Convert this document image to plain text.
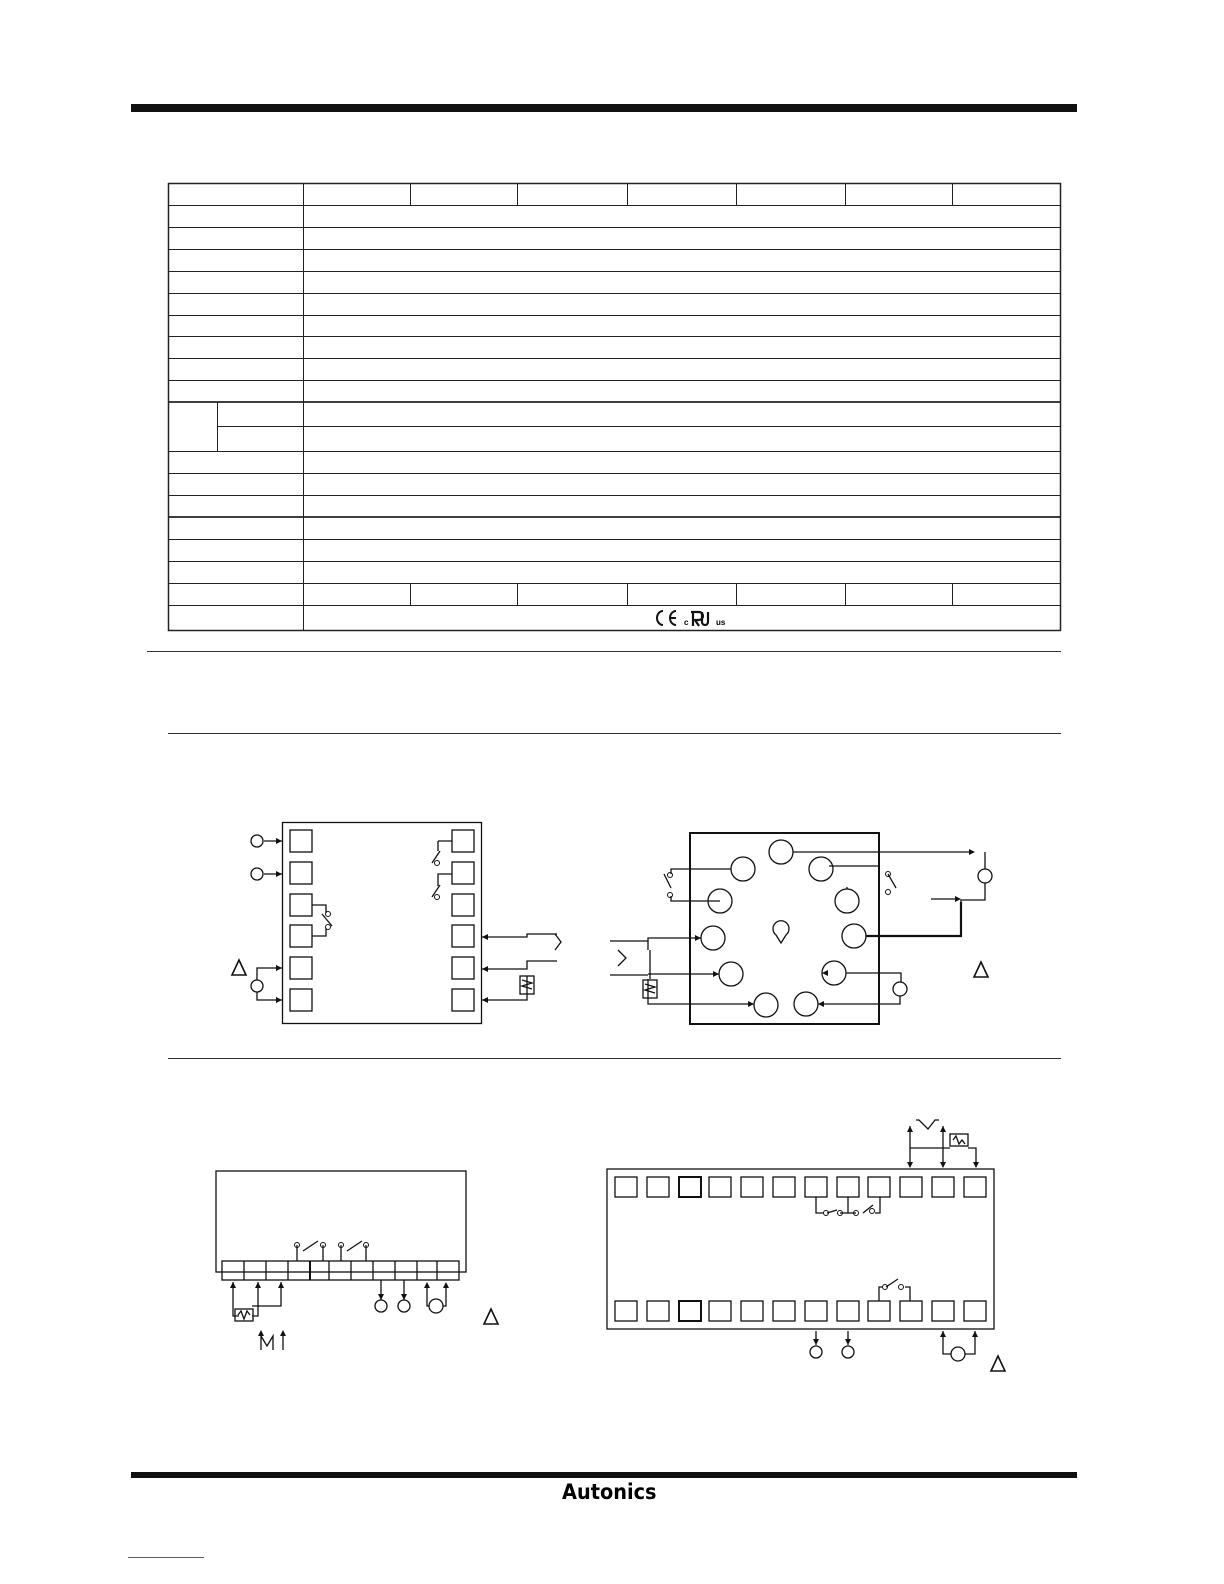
c	us
Autonics
